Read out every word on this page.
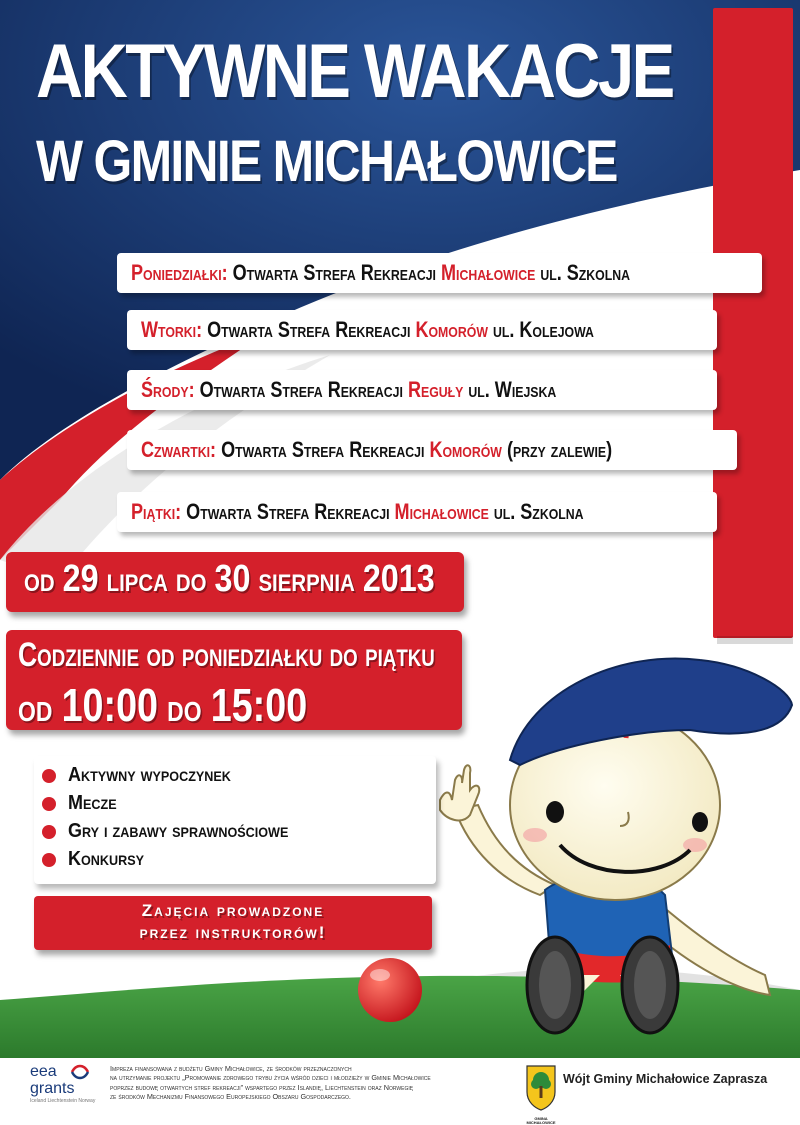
AKTYWNE WAKACJE
W GMINIE MICHAŁOWICE
Poniedziałki: Otwarta Strefa Rekreacji Michałowice ul. Szkolna
Wtorki: Otwarta Strefa Rekreacji Komorów ul. Kolejowa
Środy: Otwarta Strefa Rekreacji Reguły ul. Wiejska
Czwartki: Otwarta Strefa Rekreacji Komorów (przy zalewie)
Piątki: Otwarta Strefa Rekreacji Michałowice ul. Szkolna
od 29 lipca do 30 sierpnia 2013
Codziennie od poniedziałku do piątku
od 10:00 do 15:00
Aktywny wypoczynek
Mecze
Gry i zabawy sprawnościowe
Konkursy
Zajęcia prowadzone
przez instruktorów!
eea
grants
Iceland Liechtenstein Norway
Impreza finansowana z budżetu Gminy Michałowice, ze środków przeznaczonych
na utrzymanie projektu „Promowanie zdrowego trybu życia wśród dzieci i młodzieży w Gminie Michałowice
poprzez budowę otwartych stref rekreacji” wspartego przez Islandię, Liechtenstein oraz Norwegię
ze środków Mechanizmu Finansowego Europejskiego Obszaru Gospodarczego.
GMINA MICHAŁOWICE
Wójt Gminy Michałowice Zaprasza
